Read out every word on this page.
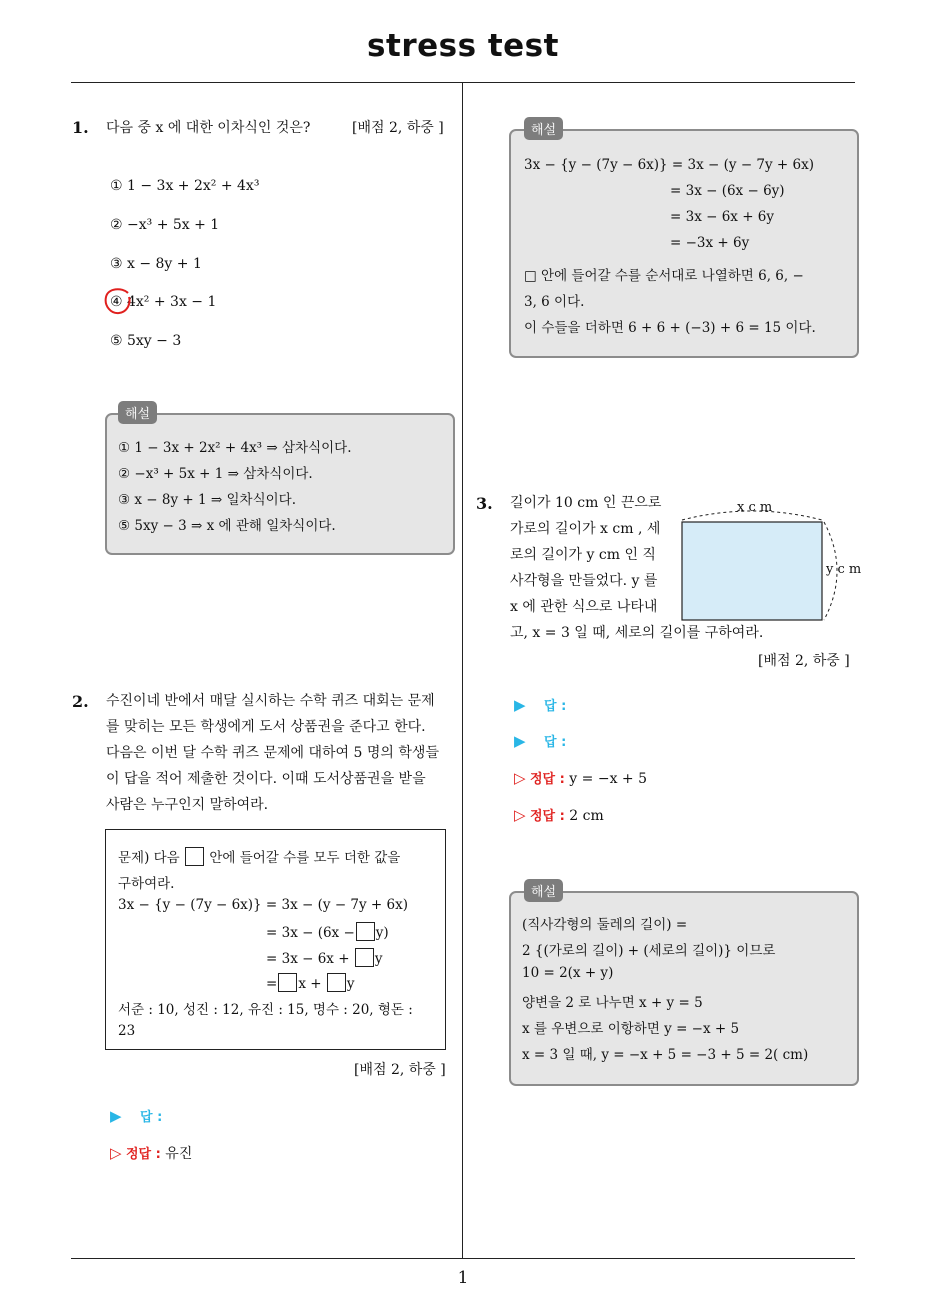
stress test
1. 다음 중 x 에 대한 이차식인 것은?	[배점 2, 하중 ]
① 1 − 3x + 2x² + 4x³
② −x³ + 5x + 1
③ x − 8y + 1
④ 4x² + 3x − 1
⑤ 5xy − 3
해설
① 1 − 3x + 2x² + 4x³ ⇒ 삼차식이다.
② −x³ + 5x + 1 ⇒ 삼차식이다.
③ x − 8y + 1 ⇒ 일차식이다.
⑤ 5xy − 3 ⇒ x 에 관해 일차식이다.
2. 수진이네 반에서 매달 실시하는 수학 퀴즈 대회는 문제
를 맞히는 모든 학생에게 도서 상품권을 준다고 한다.
다음은 이번 달 수학 퀴즈 문제에 대하여 5 명의 학생들
이 답을 적어 제출한 것이다. 이때 도서상품권을 받을
사람은 누구인지 말하여라.
문제) 다음 안에 들어갈 수를 모두 더한 값을
구하여라.
3x − {y − (7y − 6x)} = 3x − (y − 7y + 6x)
= 3x − (6x − y)
= 3x − 6x + y
= x + y
서준 : 10, 성진 : 12, 유진 : 15, 명수 : 20, 형돈 :
23
[배점 2, 하중 ]
▶ 답 :
▷ 정답 : 유진
해설
3x − {y − (7y − 6x)} = 3x − (y − 7y + 6x)
= 3x − (6x − 6y)
= 3x − 6x + 6y
= −3x + 6y
□ 안에 들어갈 수를 순서대로 나열하면 6, 6, −
3, 6 이다.
이 수들을 더하면 6 + 6 + (−3) + 6 = 15 이다.
3. 길이가 10 cm 인 끈으로
가로의 길이가 x cm , 세
로의 길이가 y cm 인 직
사각형을 만들었다. y 를
x 에 관한 식으로 나타내
고, x = 3 일 때, 세로의 길이를 구하여라.
x c m
y c m
[배점 2, 하중 ]
▶ 답 :
▶ 답 :
▷ 정답 : y = −x + 5
▷ 정답 : 2 cm
해설
(직사각형의 둘레의 길이) =
2 {(가로의 길이) + (세로의 길이)} 이므로
10 = 2(x + y)
양변을 2 로 나누면 x + y = 5
x 를 우변으로 이항하면 y = −x + 5
x = 3 일 때, y = −x + 5 = −3 + 5 = 2( cm)
1
